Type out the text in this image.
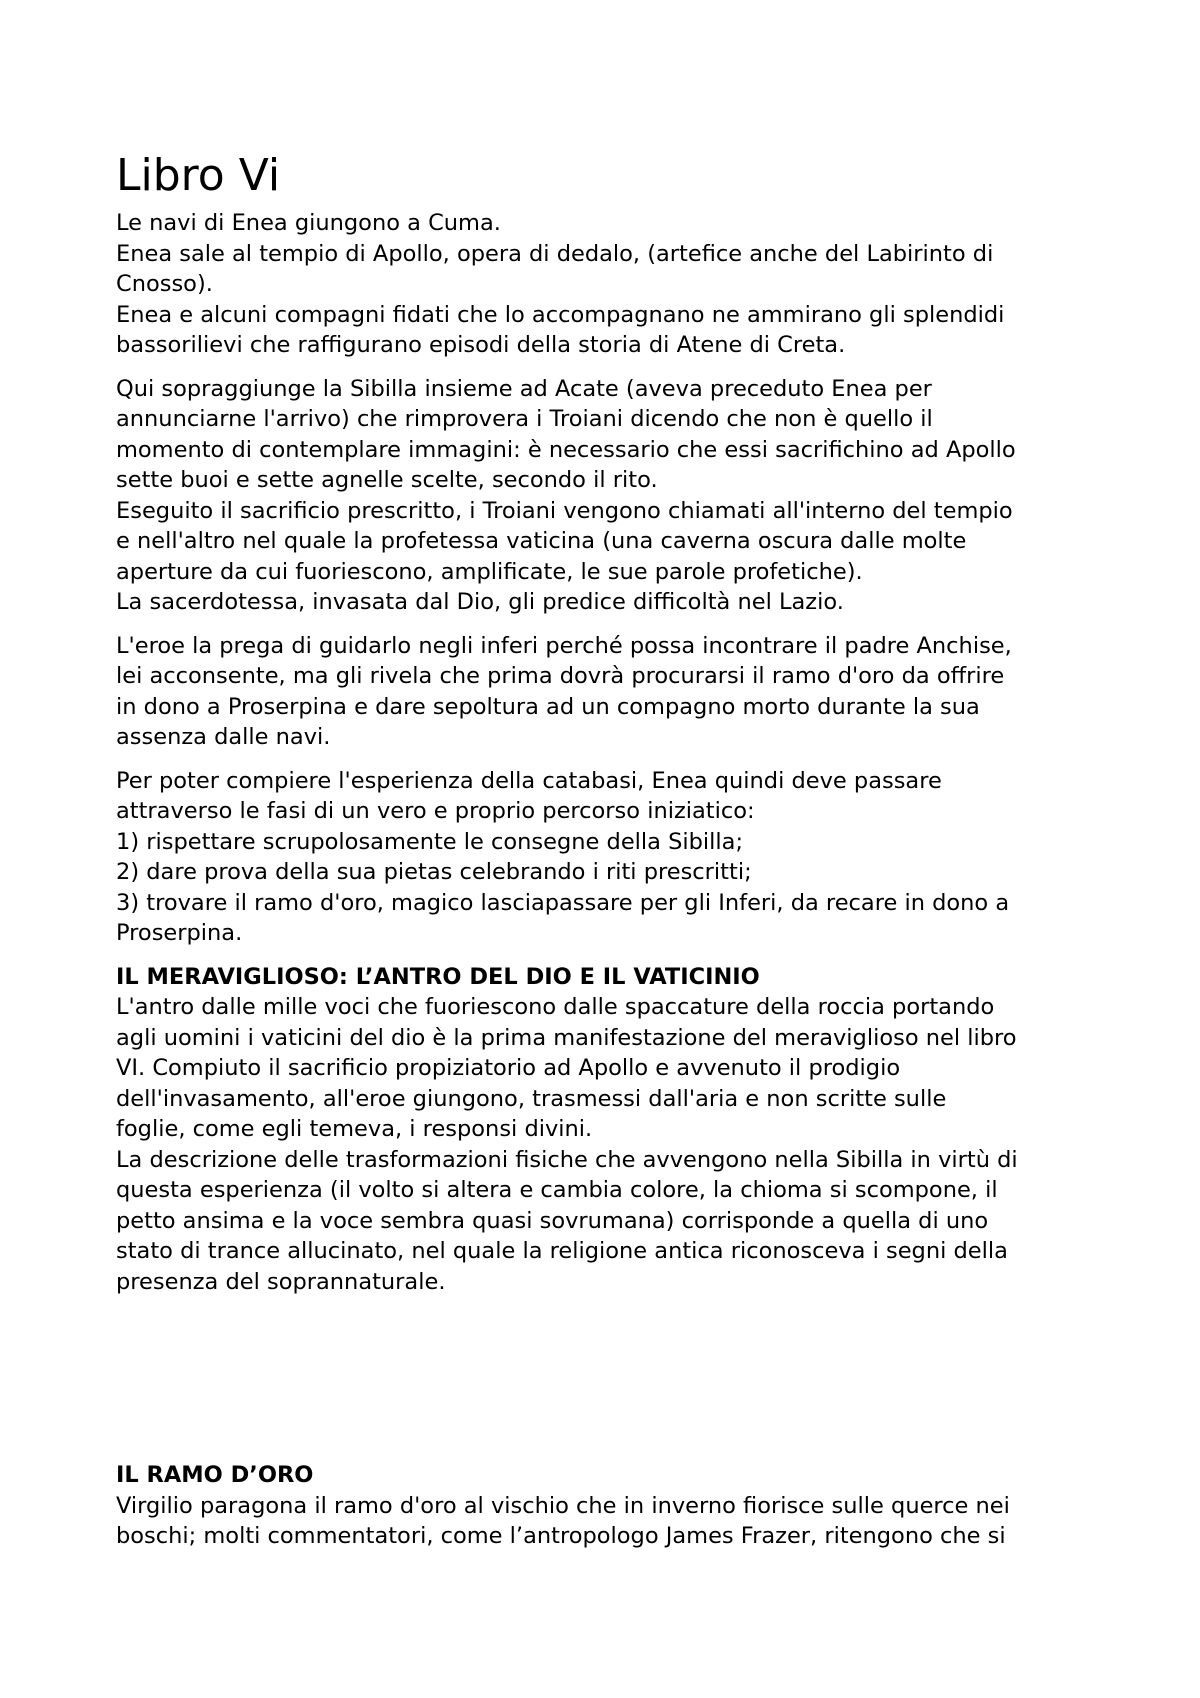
Libro Vi
Le navi di Enea giungono a Cuma.
Enea sale al tempio di Apollo, opera di dedalo, (artefice anche del Labirinto di
Cnosso).
Enea e alcuni compagni fidati che lo accompagnano ne ammirano gli splendidi
bassorilievi che raffigurano episodi della storia di Atene di Creta.
Qui sopraggiunge la Sibilla insieme ad Acate (aveva preceduto Enea per
annunciarne l'arrivo) che rimprovera i Troiani dicendo che non è quello il
momento di contemplare immagini: è necessario che essi sacrifichino ad Apollo
sette buoi e sette agnelle scelte, secondo il rito.
Eseguito il sacrificio prescritto, i Troiani vengono chiamati all'interno del tempio
e nell'altro nel quale la profetessa vaticina (una caverna oscura dalle molte
aperture da cui fuoriescono, amplificate, le sue parole profetiche).
La sacerdotessa, invasata dal Dio, gli predice difficoltà nel Lazio.
L'eroe la prega di guidarlo negli inferi perché possa incontrare il padre Anchise,
lei acconsente, ma gli rivela che prima dovrà procurarsi il ramo d'oro da offrire
in dono a Proserpina e dare sepoltura ad un compagno morto durante la sua
assenza dalle navi.
Per poter compiere l'esperienza della catabasi, Enea quindi deve passare
attraverso le fasi di un vero e proprio percorso iniziatico:
1) rispettare scrupolosamente le consegne della Sibilla;
2) dare prova della sua pietas celebrando i riti prescritti;
3) trovare il ramo d'oro, magico lasciapassare per gli Inferi, da recare in dono a
Proserpina.
IL MERAVIGLIOSO: L’ANTRO DEL DIO E IL VATICINIO
L'antro dalle mille voci che fuoriescono dalle spaccature della roccia portando
agli uomini i vaticini del dio è la prima manifestazione del meraviglioso nel libro
VI. Compiuto il sacrificio propiziatorio ad Apollo e avvenuto il prodigio
dell'invasamento, all'eroe giungono, trasmessi dall'aria e non scritte sulle
foglie, come egli temeva, i responsi divini.
La descrizione delle trasformazioni fisiche che avvengono nella Sibilla in virtù di
questa esperienza (il volto si altera e cambia colore, la chioma si scompone, il
petto ansima e la voce sembra quasi sovrumana) corrisponde a quella di uno
stato di trance allucinato, nel quale la religione antica riconosceva i segni della
presenza del soprannaturale.
IL RAMO D’ORO
Virgilio paragona il ramo d'oro al vischio che in inverno fiorisce sulle querce nei
boschi; molti commentatori, come l’antropologo James Frazer, ritengono che si
